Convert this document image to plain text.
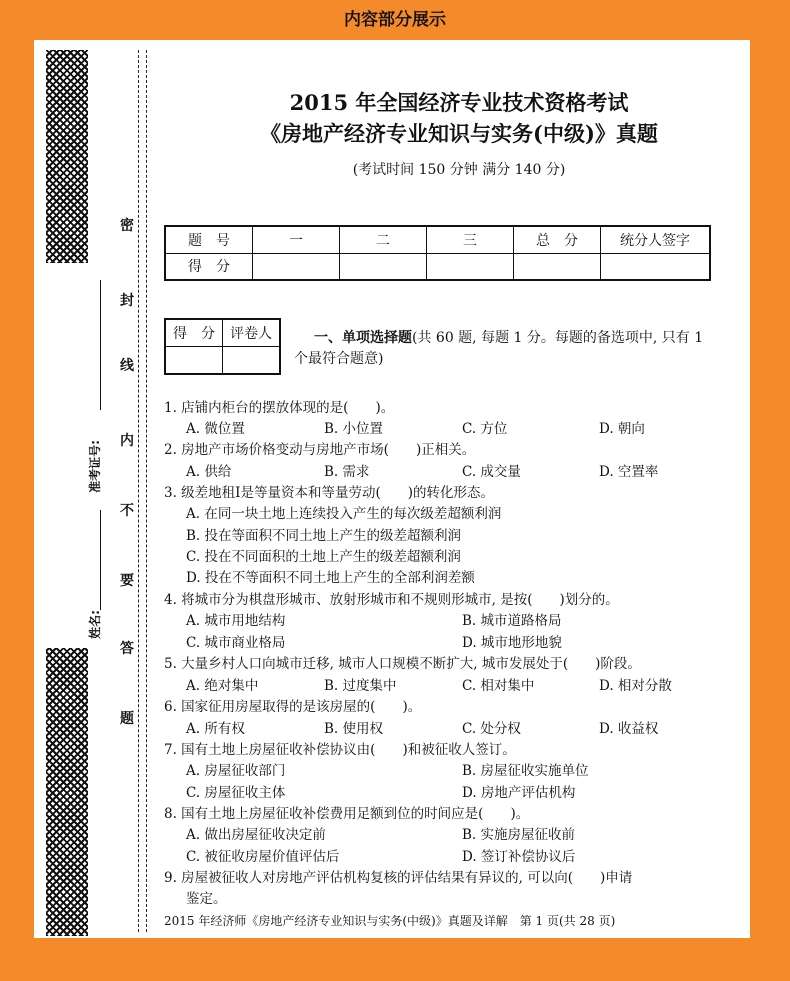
内容部分展示
密
封
线
内
不
要
答
题
准考证号:
姓名:
2015 年全国经济专业技术资格考试
《房地产经济专业知识与实务(中级)》真题
(考试时间 150 分钟 满分 140 分)
题　号	一	二	三	总　分	统分人签字
得　分					
得　分	评卷人
		一、单项选择题(共 60 题, 每题 1 分。每题的备选项中, 只有 1 个最符合题意)
1. 店铺内柜台的摆放体现的是(　　)。
A. 微位置	B. 小位置	C. 方位	D. 朝向
2. 房地产市场价格变动与房地产市场(　　)正相关。
A. 供给	B. 需求	C. 成交量	D. 空置率
3. 级差地租Ⅰ是等量资本和等量劳动(　　)的转化形态。
A. 在同一块土地上连续投入产生的每次级差超额利润
B. 投在等面积不同土地上产生的级差超额利润
C. 投在不同面积的土地上产生的级差超额利润
D. 投在不等面积不同土地上产生的全部利润差额
4. 将城市分为棋盘形城市、放射形城市和不规则形城市, 是按(　　)划分的。
A. 城市用地结构	B. 城市道路格局
C. 城市商业格局	D. 城市地形地貌
5. 大量乡村人口向城市迁移, 城市人口规模不断扩大, 城市发展处于(　　)阶段。
A. 绝对集中	B. 过度集中	C. 相对集中	D. 相对分散
6. 国家征用房屋取得的是该房屋的(　　)。
A. 所有权	B. 使用权	C. 处分权	D. 收益权
7. 国有土地上房屋征收补偿协议由(　　)和被征收人签订。
A. 房屋征收部门	B. 房屋征收实施单位
C. 房屋征收主体	D. 房地产评估机构
8. 国有土地上房屋征收补偿费用足额到位的时间应是(　　)。
A. 做出房屋征收决定前	B. 实施房屋征收前
C. 被征收房屋价值评估后	D. 签订补偿协议后
9. 房屋被征收人对房地产评估机构复核的评估结果有异议的, 可以向(　　)申请
鉴定。
2015 年经济师《房地产经济专业知识与实务(中级)》真题及详解　第 1 页(共 28 页)
